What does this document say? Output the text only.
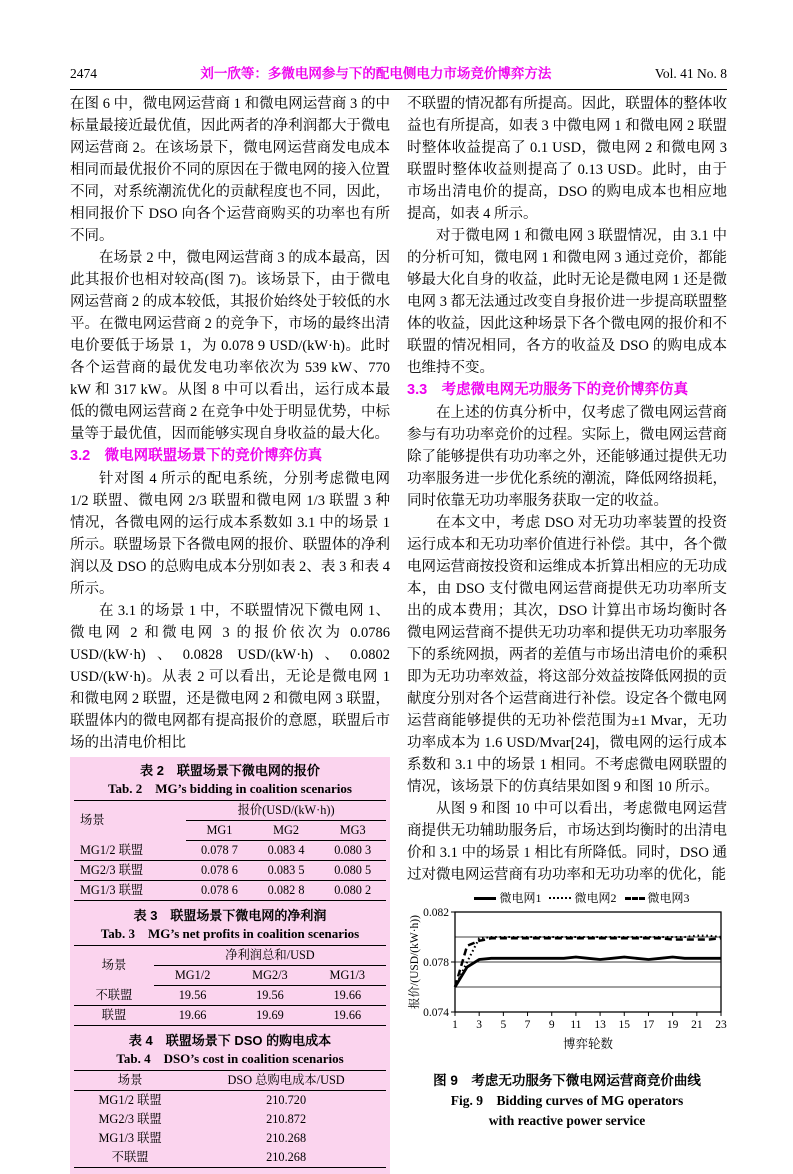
2474	刘一欣等：多微电网参与下的配电侧电力市场竞价博弈方法	Vol. 41 No. 8

在图 6 中，微电网运营商 1 和微电网运营商 3 的中标量最接近最优值，因此两者的净利润都大于微电网运营商 2。在该场景下，微电网运营商发电成本相同而最优报价不同的原因在于微电网的接入位置不同，对系统潮流优化的贡献程度也不同，因此，相同报价下 DSO 向各个运营商购买的功率也有所不同。

在场景 2 中，微电网运营商 3 的成本最高，因此其报价也相对较高(图 7)。该场景下，由于微电网运营商 2 的成本较低，其报价始终处于较低的水平。在微电网运营商 2 的竞争下，市场的最终出清电价要低于场景 1，为 0.078 9 USD/(kW·h)。此时各个运营商的最优发电功率依次为 539 kW、770 kW 和 317 kW。从图 8 中可以看出，运行成本最低的微电网运营商 2 在竞争中处于明显优势，中标量等于最优值，因而能够实现自身收益的最大化。

3.2　微电网联盟场景下的竞价博弈仿真

针对图 4 所示的配电系统，分别考虑微电网 1/2 联盟、微电网 2/3 联盟和微电网 1/3 联盟 3 种情况，各微电网的运行成本系数如 3.1 中的场景 1 所示。联盟场景下各微电网的报价、联盟体的净利润以及 DSO 的总购电成本分别如表 2、表 3 和表 4 所示。

在 3.1 的场景 1 中，不联盟情况下微电网 1、微电网 2 和微电网 3 的报价依次为 0.0786 USD/(kW·h)、0.0828 USD/(kW·h)、0.0802 USD/(kW·h)。从表 2 可以看出，无论是微电网 1 和微电网 2 联盟，还是微电网 2 和微电网 3 联盟，联盟体内的微电网都有提高报价的意愿，联盟后市场的出清电价相比

表 2　联盟场景下微电网的报价
Tab. 2　MG’s bidding in coalition scenarios
场景	报价(USD/(kW·h))		
	MG1	MG2	MG3
MG1/2 联盟	0.078 7	0.083 4	0.080 3
MG2/3 联盟	0.078 6	0.083 5	0.080 5
MG1/3 联盟	0.078 6	0.082 8	0.080 2
表 3　联盟场景下微电网的净利润
Tab. 3　MG’s net profits in coalition scenarios
场景	净利润总和/USD		
	MG1/2	MG2/3	MG1/3
不联盟	19.56	19.56	19.66
联盟	19.66	19.69	19.66
表 4　联盟场景下 DSO 的购电成本
Tab. 4　DSO’s cost in coalition scenarios
场景	DSO 总购电成本/USD
MG1/2 联盟	210.720
MG2/3 联盟	210.872
MG1/3 联盟	210.268
不联盟	210.268

不联盟的情况都有所提高。因此，联盟体的整体收益也有所提高，如表 3 中微电网 1 和微电网 2 联盟时整体收益提高了 0.1 USD，微电网 2 和微电网 3 联盟时整体收益则提高了 0.13 USD。此时，由于市场出清电价的提高，DSO 的购电成本也相应地提高，如表 4 所示。

对于微电网 1 和微电网 3 联盟情况，由 3.1 中的分析可知，微电网 1 和微电网 3 通过竞价，都能够最大化自身的收益，此时无论是微电网 1 还是微电网 3 都无法通过改变自身报价进一步提高联盟整体的收益，因此这种场景下各个微电网的报价和不联盟的情况相同，各方的收益及 DSO 的购电成本也维持不变。

3.3　考虑微电网无功服务下的竞价博弈仿真

在上述的仿真分析中，仅考虑了微电网运营商参与有功功率竞价的过程。实际上，微电网运营商除了能够提供有功功率之外，还能够通过提供无功功率服务进一步优化系统的潮流，降低网络损耗，同时依靠无功功率服务获取一定的收益。

在本文中，考虑 DSO 对无功功率装置的投资运行成本和无功功率价值进行补偿。其中，各个微电网运营商按投资和运维成本折算出相应的无功成本，由 DSO 支付微电网运营商提供无功功率所支出的成本费用；其次，DSO 计算出市场均衡时各微电网运营商不提供无功功率和提供无功功率服务下的系统网损，两者的差值与市场出清电价的乘积即为无功功率效益，将这部分效益按降低网损的贡献度分别对各个运营商进行补偿。设定各个微电网运营商能够提供的无功补偿范围为±1 Mvar，无功功率成本为 1.6 USD/Mvar[24]，微电网的运行成本系数和 3.1 中的场景 1 相同。不考虑微电网联盟的情况，该场景下的仿真结果如图 9 和图 10 所示。

从图 9 和图 10 中可以看出，考虑微电网运营商提供无功辅助服务后，市场达到均衡时的出清电价和 3.1 中的场景 1 相比有所降低。同时，DSO 通过对微电网运营商有功功率和无功功率的优化，能

微电网1	微电网2	微电网3
0.074
0.078
0.082
1 3 5 7 9 11 13 15 17 19 21 23
报价/(USD/(kW·h))
博弈轮数
图 9　考虑无功服务下微电网运营商竞价曲线
Fig. 9　Bidding curves of MG operators with reactive power service
